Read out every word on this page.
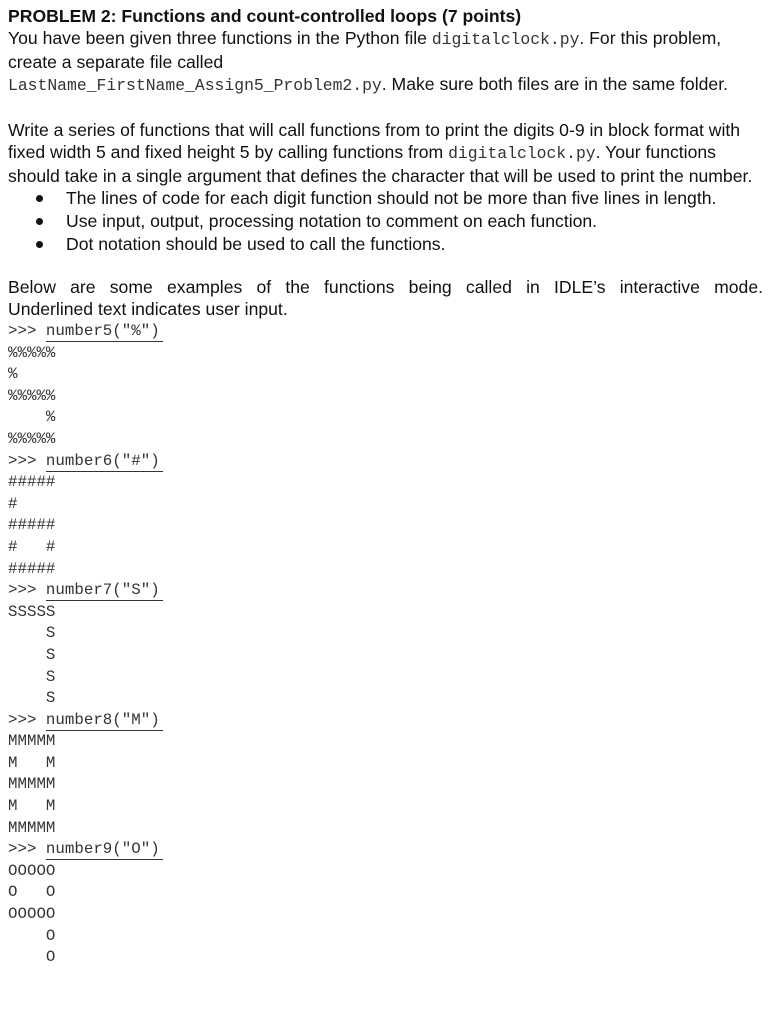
PROBLEM 2: Functions and count-controlled loops (7 points)

You have been given three functions in the Python file digitalclock.py. For this problem, create a separate file called
LastName_FirstName_Assign5_Problem2.py. Make sure both files are in the same folder.

Write a series of functions that will call functions from to print the digits 0-9 in block format with fixed width 5 and fixed height 5 by calling functions from digitalclock.py. Your functions should take in a single argument that defines the character that will be used to print the number.

The lines of code for each digit function should not be more than five lines in length.
Use input, output, processing notation to comment on each function.
Dot notation should be used to call the functions.

Below are some examples of the functions being called in IDLE’s interactive mode.

Underlined text indicates user input.

>>> number5("%")
%%%%%
%
%%%%%
%
%%%%%
>>> number6("#")
#####
#
#####
#   #
#####
>>> number7("S")
SSSSS
S
S
S
S
>>> number8("M")
MMMMM
M   M
MMMMM
M   M
MMMMM
>>> number9("O")
OOOOO
O   O
OOOOO
O
O
